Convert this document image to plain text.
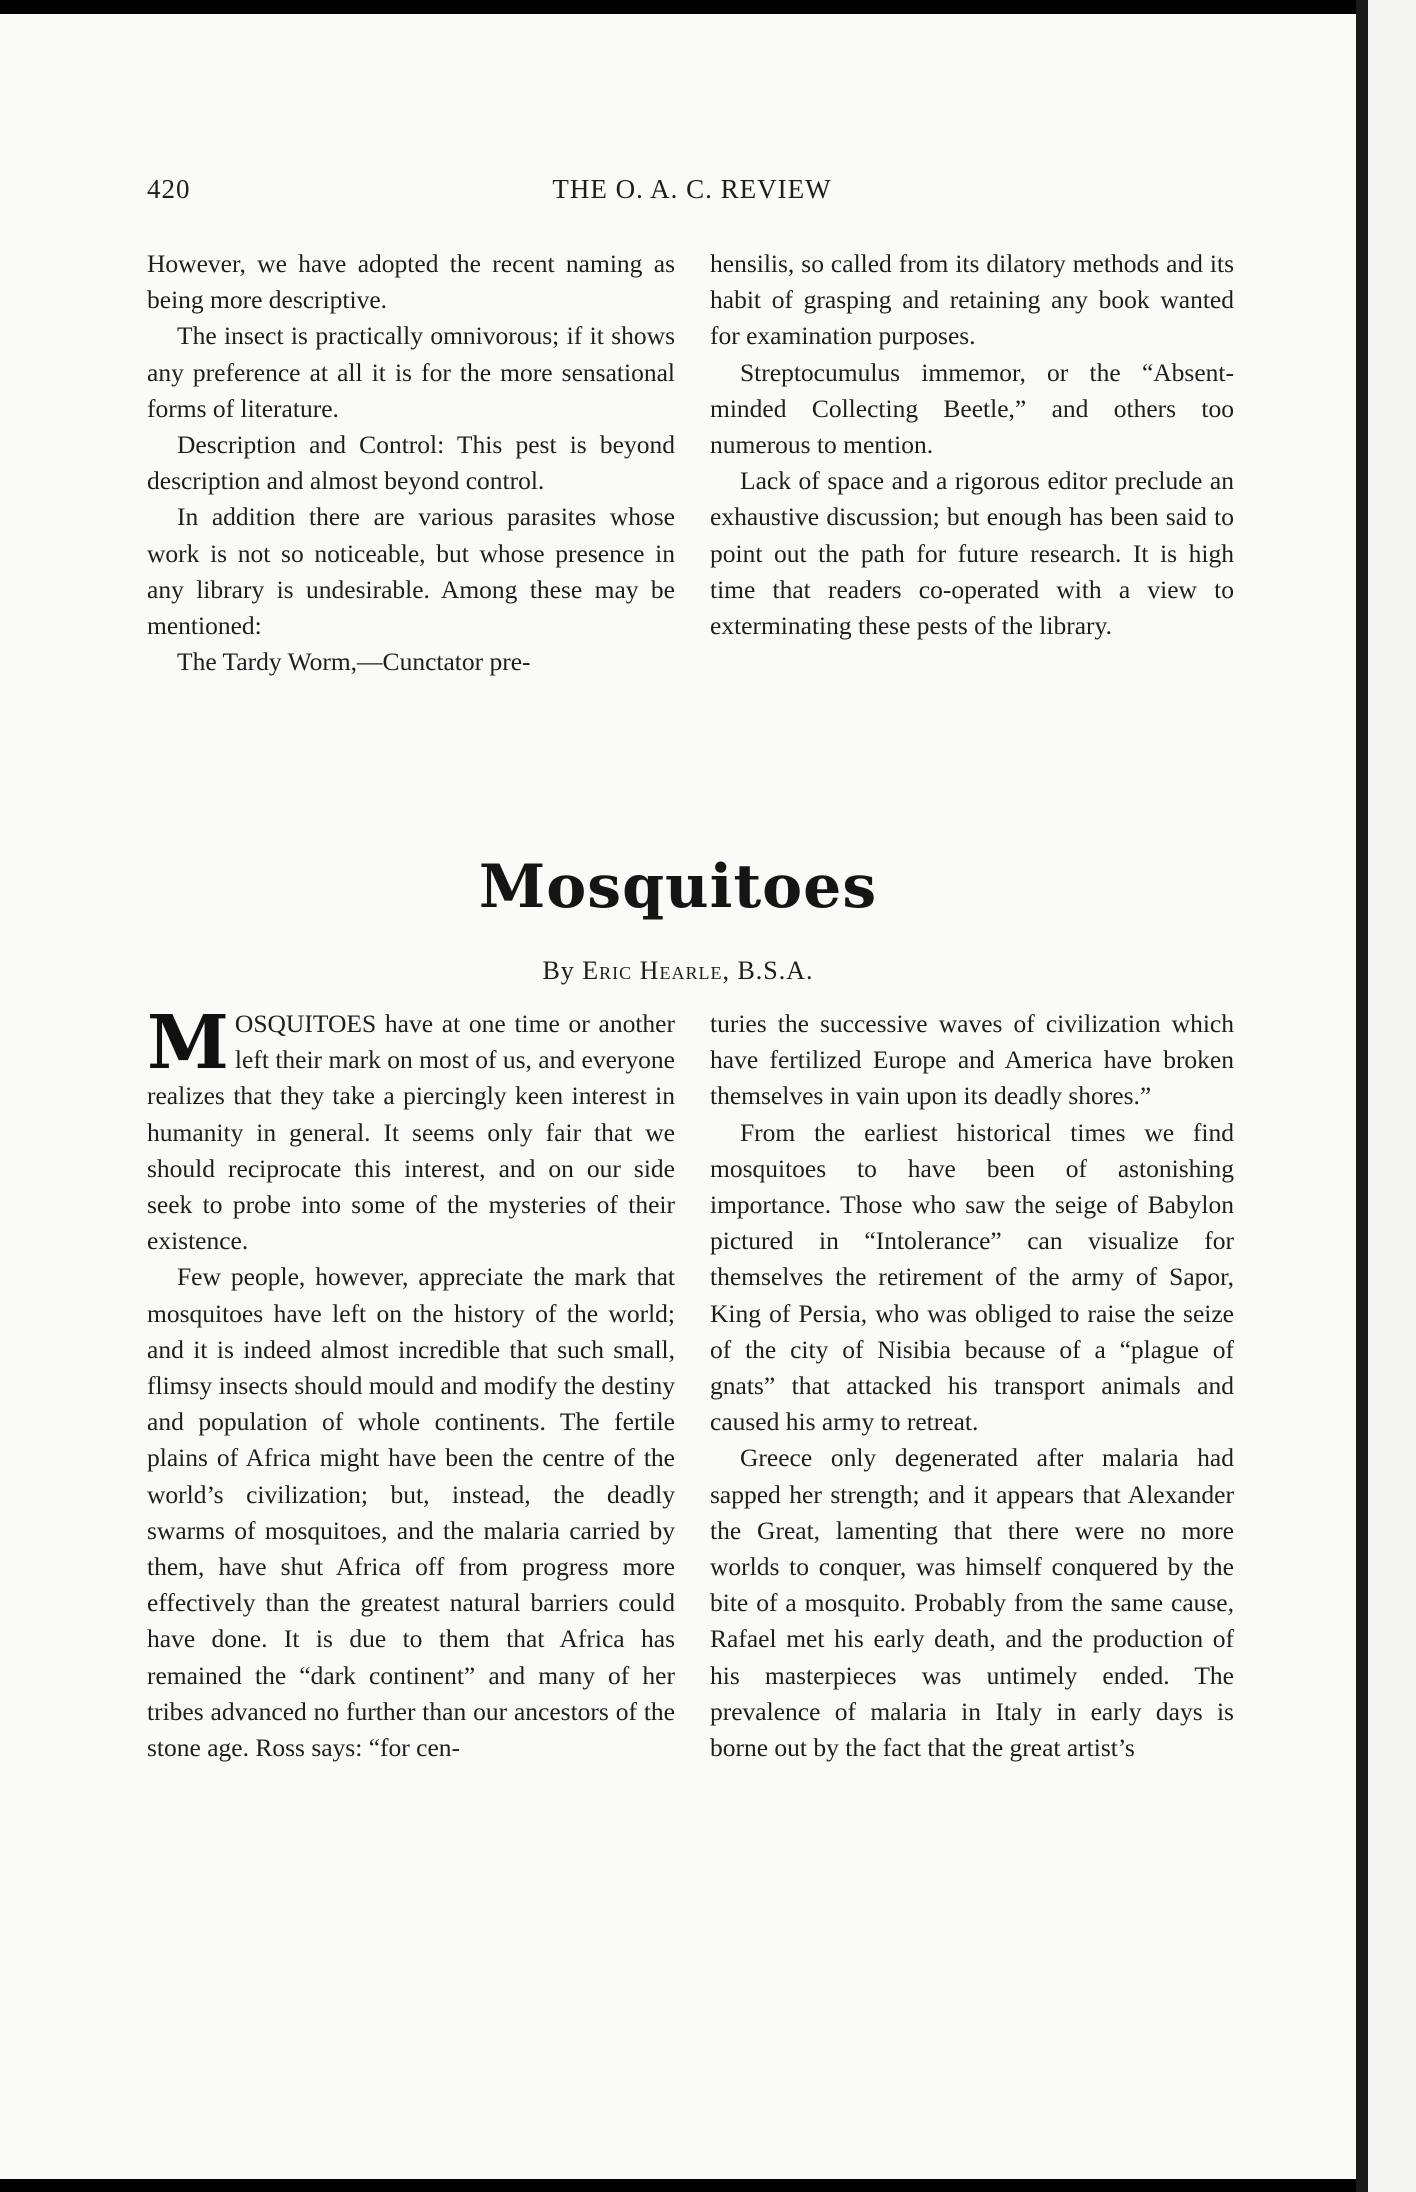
420	THE O. A. C. REVIEW

However, we have adopted the recent naming as being more descriptive.

The insect is practically omnivorous; if it shows any preference at all it is for the more sensational forms of literature.

Description and Control: This pest is beyond description and almost beyond control.

In addition there are various parasites whose work is not so noticeable, but whose presence in any library is undesirable. Among these may be mentioned:

The Tardy Worm,—Cunctator pre-

hensilis, so called from its dilatory methods and its habit of grasping and retaining any book wanted for examination purposes.

Streptocumulus immemor, or the “Absent-minded Collecting Beetle,” and others too numerous to mention.

Lack of space and a rigorous editor preclude an exhaustive discussion; but enough has been said to point out the path for future research. It is high time that readers co-operated with a view to exterminating these pests of the library.

Mosquitoes
By Eric Hearle, B.S.A.

MOSQUITOES have at one time or another left their mark on most of us, and everyone realizes that they take a piercingly keen interest in humanity in general. It seems only fair that we should reciprocate this interest, and on our side seek to probe into some of the mysteries of their existence.

Few people, however, appreciate the mark that mosquitoes have left on the history of the world; and it is indeed almost incredible that such small, flimsy insects should mould and modify the destiny and population of whole continents. The fertile plains of Africa might have been the centre of the world’s civilization; but, instead, the deadly swarms of mosquitoes, and the malaria carried by them, have shut Africa off from progress more effectively than the greatest natural barriers could have done. It is due to them that Africa has remained the “dark continent” and many of her tribes advanced no further than our ancestors of the stone age. Ross says: “for cen-

turies the successive waves of civilization which have fertilized Europe and America have broken themselves in vain upon its deadly shores.”

From the earliest historical times we find mosquitoes to have been of astonishing importance. Those who saw the seige of Babylon pictured in “Intolerance” can visualize for themselves the retirement of the army of Sapor, King of Persia, who was obliged to raise the seize of the city of Nisibia because of a “plague of gnats” that attacked his transport animals and caused his army to retreat.

Greece only degenerated after malaria had sapped her strength; and it appears that Alexander the Great, lamenting that there were no more worlds to conquer, was himself conquered by the bite of a mosquito. Probably from the same cause, Rafael met his early death, and the production of his masterpieces was untimely ended. The prevalence of malaria in Italy in early days is borne out by the fact that the great artist’s
